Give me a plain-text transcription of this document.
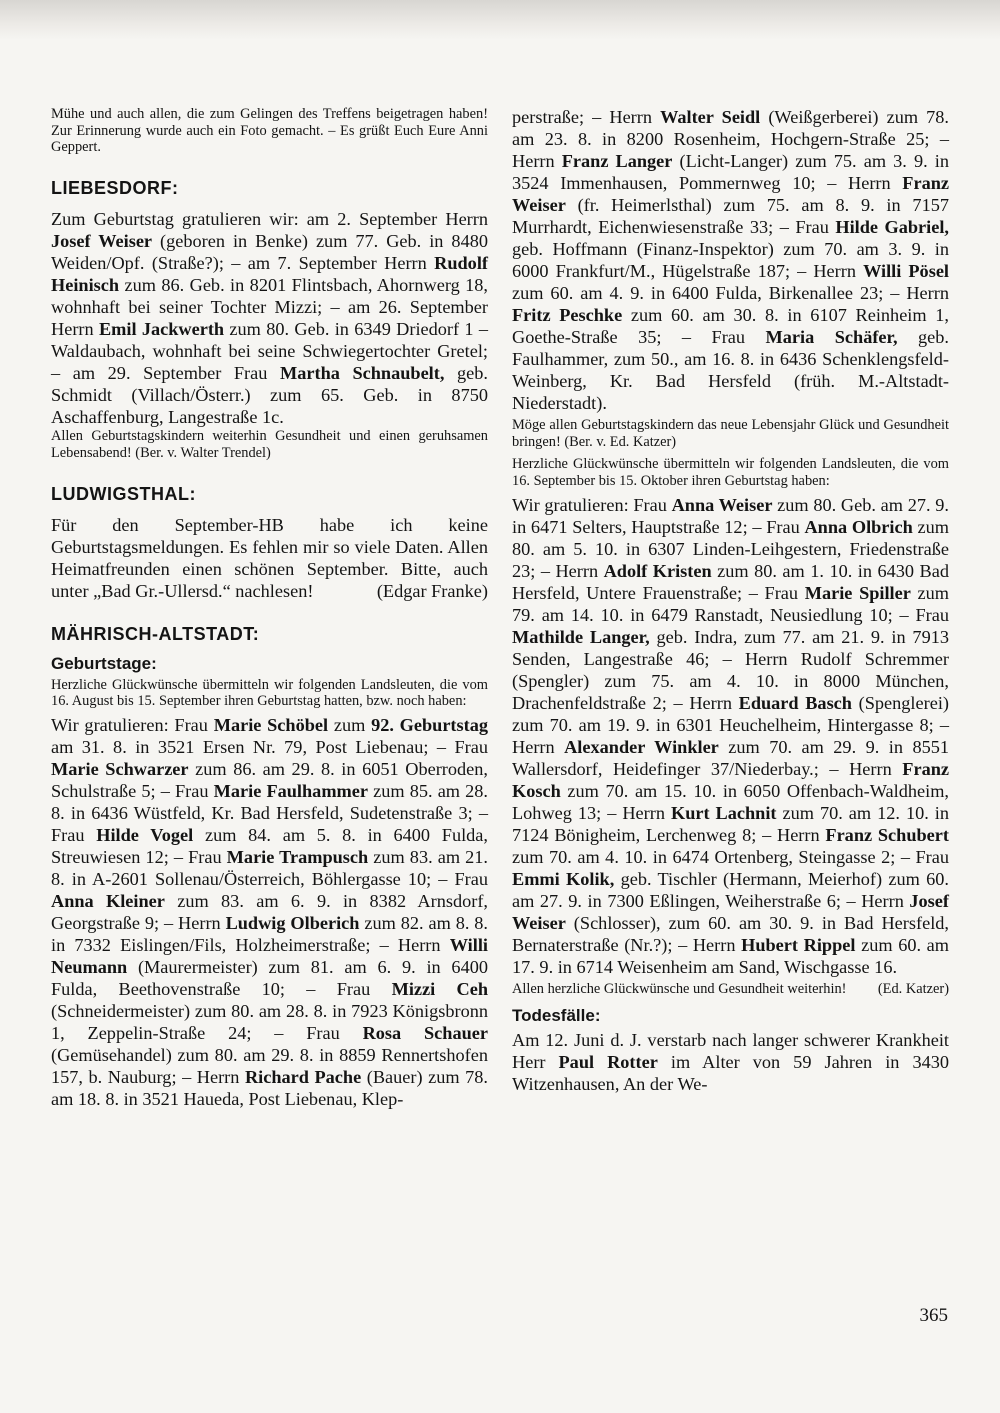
Mühe und auch allen, die zum Gelingen des Treffens beigetragen haben! Zur Erinnerung wurde auch ein Foto gemacht. – Es grüßt Euch Eure Anni Geppert.

LIEBESDORF:

Zum Geburtstag gratulieren wir: am 2. September Herrn Josef Weiser (geboren in Benke) zum 77. Geb. in 8480 Weiden/Opf. (Straße?); – am 7. September Herrn Rudolf Heinisch zum 86. Geb. in 8201 Flintsbach, Ahornwerg 18, wohnhaft bei seiner Tochter Mizzi; – am 26. September Herrn Emil Jackwerth zum 80. Geb. in 6349 Driedorf 1 – Waldaubach, wohnhaft bei seine Schwiegertochter Gretel; – am 29. September Frau Martha Schnaubelt, geb. Schmidt (Villach/Österr.) zum 65. Geb. in 8750 Aschaffenburg, Langestraße 1c.

Allen Geburtstagskindern weiterhin Gesundheit und einen geruhsamen Lebensabend! (Ber. v. Walter Trendel)

LUDWIGSTHAL:

Für den September-HB habe ich keine Geburtstagsmeldungen. Es fehlen mir so viele Daten. Allen Heimatfreunden einen schönen September. Bitte, auch unter „Bad Gr.-Ullersd.“ nachlesen!	(Edgar Franke)

MÄHRISCH-ALTSTADT:
Geburtstage:

Herzliche Glückwünsche übermitteln wir folgenden Landsleuten, die vom 16. August bis 15. September ihren Geburtstag hatten, bzw. noch haben:

Wir gratulieren: Frau Marie Schöbel zum 92. Geburtstag am 31. 8. in 3521 Ersen Nr. 79, Post Liebenau; – Frau Marie Schwarzer zum 86. am 29. 8. in 6051 Oberroden, Schulstraße 5; – Frau Marie Faulhammer zum 85. am 28. 8. in 6436 Wüstfeld, Kr. Bad Hersfeld, Sudetenstraße 3; – Frau Hilde Vogel zum 84. am 5. 8. in 6400 Fulda, Streuwiesen 12; – Frau Marie Trampusch zum 83. am 21. 8. in A-2601 Sollenau/Österreich, Böhlergasse 10; – Frau Anna Kleiner zum 83. am 6. 9. in 8382 Arnsdorf, Georgstraße 9; – Herrn Ludwig Olberich zum 82. am 8. 8. in 7332 Eislingen/Fils, Holzheimerstraße; – Herrn Willi Neumann (Maurermeister) zum 81. am 6. 9. in 6400 Fulda, Beethovenstraße 10; – Frau Mizzi Ceh (Schneidermeister) zum 80. am 28. 8. in 7923 Königsbronn 1, Zeppelin-Straße 24; – Frau Rosa Schauer (Gemüsehandel) zum 80. am 29. 8. in 8859 Rennertshofen 157, b. Nauburg; – Herrn Richard Pache (Bauer) zum 78. am 18. 8. in 3521 Haueda, Post Liebenau, Klep-

perstraße; – Herrn Walter Seidl (Weißgerberei) zum 78. am 23. 8. in 8200 Rosenheim, Hochgern-Straße 25; – Herrn Franz Langer (Licht-Langer) zum 75. am 3. 9. in 3524 Immenhausen, Pommernweg 10; – Herrn Franz Weiser (fr. Heimerlsthal) zum 75. am 8. 9. in 7157 Murrhardt, Eichenwiesenstraße 33; – Frau Hilde Gabriel, geb. Hoffmann (Finanz-Inspektor) zum 70. am 3. 9. in 6000 Frankfurt/M., Hügelstraße 187; – Herrn Willi Pösel zum 60. am 4. 9. in 6400 Fulda, Birkenallee 23; – Herrn Fritz Peschke zum 60. am 30. 8. in 6107 Reinheim 1, Goethe-Straße 35; – Frau Maria Schäfer, geb. Faulhammer, zum 50., am 16. 8. in 6436 Schenklengsfeld-Weinberg, Kr. Bad Hersfeld (früh. M.-Altstadt-Niederstadt).

Möge allen Geburtstagskindern das neue Lebensjahr Glück und Gesundheit bringen! (Ber. v. Ed. Katzer)

Herzliche Glückwünsche übermitteln wir folgenden Landsleuten, die vom 16. September bis 15. Oktober ihren Geburtstag haben:

Wir gratulieren: Frau Anna Weiser zum 80. Geb. am 27. 9. in 6471 Selters, Hauptstraße 12; – Frau Anna Olbrich zum 80. am 5. 10. in 6307 Linden-Leihgestern, Friedenstraße 23; – Herrn Adolf Kristen zum 80. am 1. 10. in 6430 Bad Hersfeld, Untere Frauenstraße; – Frau Marie Spiller zum 79. am 14. 10. in 6479 Ranstadt, Neusiedlung 10; – Frau Mathilde Langer, geb. Indra, zum 77. am 21. 9. in 7913 Senden, Langestraße 46; – Herrn Rudolf Schremmer (Spengler) zum 75. am 4. 10. in 8000 München, Drachenfeldstraße 2; – Herrn Eduard Basch (Spenglerei) zum 70. am 19. 9. in 6301 Heuchelheim, Hintergasse 8; – Herrn Alexander Winkler zum 70. am 29. 9. in 8551 Wallersdorf, Heidefinger 37/Niederbay.; – Herrn Franz Kosch zum 70. am 15. 10. in 6050 Offenbach-Waldheim, Lohweg 13; – Herrn Kurt Lachnit zum 70. am 12. 10. in 7124 Bönigheim, Lerchenweg 8; – Herrn Franz Schubert zum 70. am 4. 10. in 6474 Ortenberg, Steingasse 2; – Frau Emmi Kolik, geb. Tischler (Hermann, Meierhof) zum 60. am 27. 9. in 7300 Eßlingen, Weiherstraße 6; – Herrn Josef Weiser (Schlosser), zum 60. am 30. 9. in Bad Hersfeld, Bernaterstraße (Nr.?); – Herrn Hubert Rippel zum 60. am 17. 9. in 6714 Weisenheim am Sand, Wischgasse 16.

Allen herzliche Glückwünsche und Gesundheit weiterhin! (Ed. Katzer)

Todesfälle:

Am 12. Juni d. J. verstarb nach langer schwerer Krankheit Herr Paul Rotter im Alter von 59 Jahren in 3430 Witzenhausen, An der We-

365
